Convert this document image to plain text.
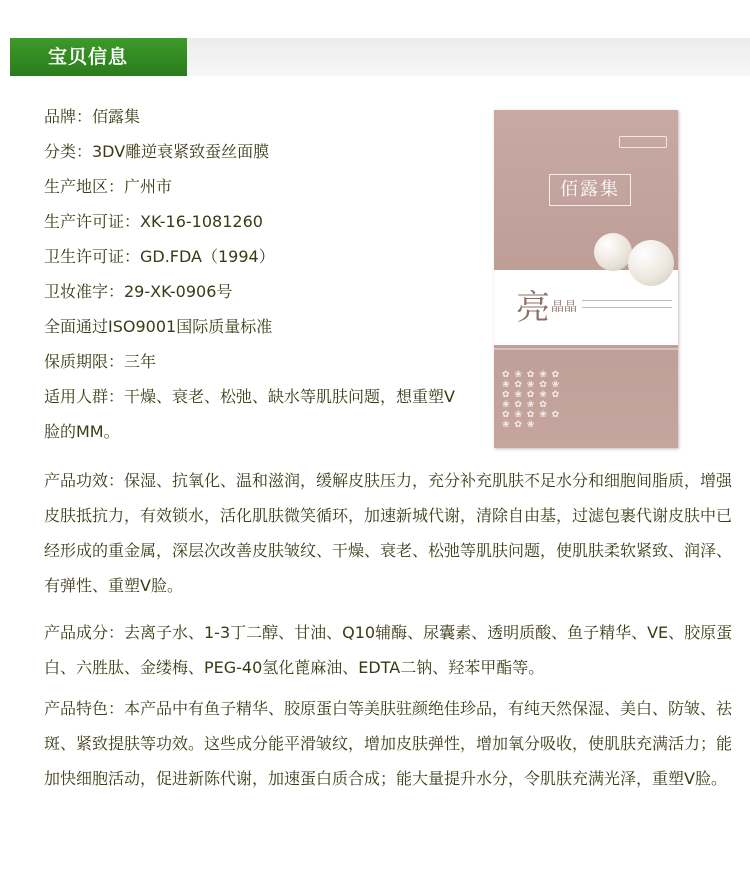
宝贝信息
品牌：佰露集
分类：3DV雕逆衰紧致蚕丝面膜
生产地区：广州市
生产许可证：XK-16-1081260
卫生许可证：GD.FDA（1994）
卫妆准字：29-XK-0906号
全面通过ISO9001国际质量标准
保质期限：三年
适用人群：干燥、衰老、松弛、缺水等肌肤问题，想重塑V
脸的MM。
佰露集
亮 晶晶
✿ ❀ ✿ ❀ ✿
❀ ✿ ❀ ✿ ❀
✿ ❀ ✿ ❀ ✿
❀ ✿ ❀ ✿
✿ ❀ ✿ ❀ ✿
❀ ✿ ❀
产品功效：保湿、抗氧化、温和滋润，缓解皮肤压力，充分补充肌肤不足水分和细胞间脂质，增强皮肤抵抗力，有效锁水，活化肌肤微笑循环，加速新城代谢，清除自由基，过滤包裹代谢皮肤中已经形成的重金属，深层次改善皮肤皱纹、干燥、衰老、松弛等肌肤问题，使肌肤柔软紧致、润泽、有弹性、重塑V脸。
产品成分：去离子水、1-3丁二醇、甘油、Q10辅酶、尿囊素、透明质酸、鱼子精华、VE、胶原蛋白、六胜肽、金缕梅、PEG-40氢化蓖麻油、EDTA二钠、羟苯甲酯等。
产品特色：本产品中有鱼子精华、胶原蛋白等美肤驻颜绝佳珍品，有纯天然保湿、美白、防皱、祛斑、紧致提肤等功效。这些成分能平滑皱纹，增加皮肤弹性，增加氧分吸收，使肌肤充满活力；能加快细胞活动，促进新陈代谢，加速蛋白质合成；能大量提升水分，令肌肤充满光泽，重塑V脸。
